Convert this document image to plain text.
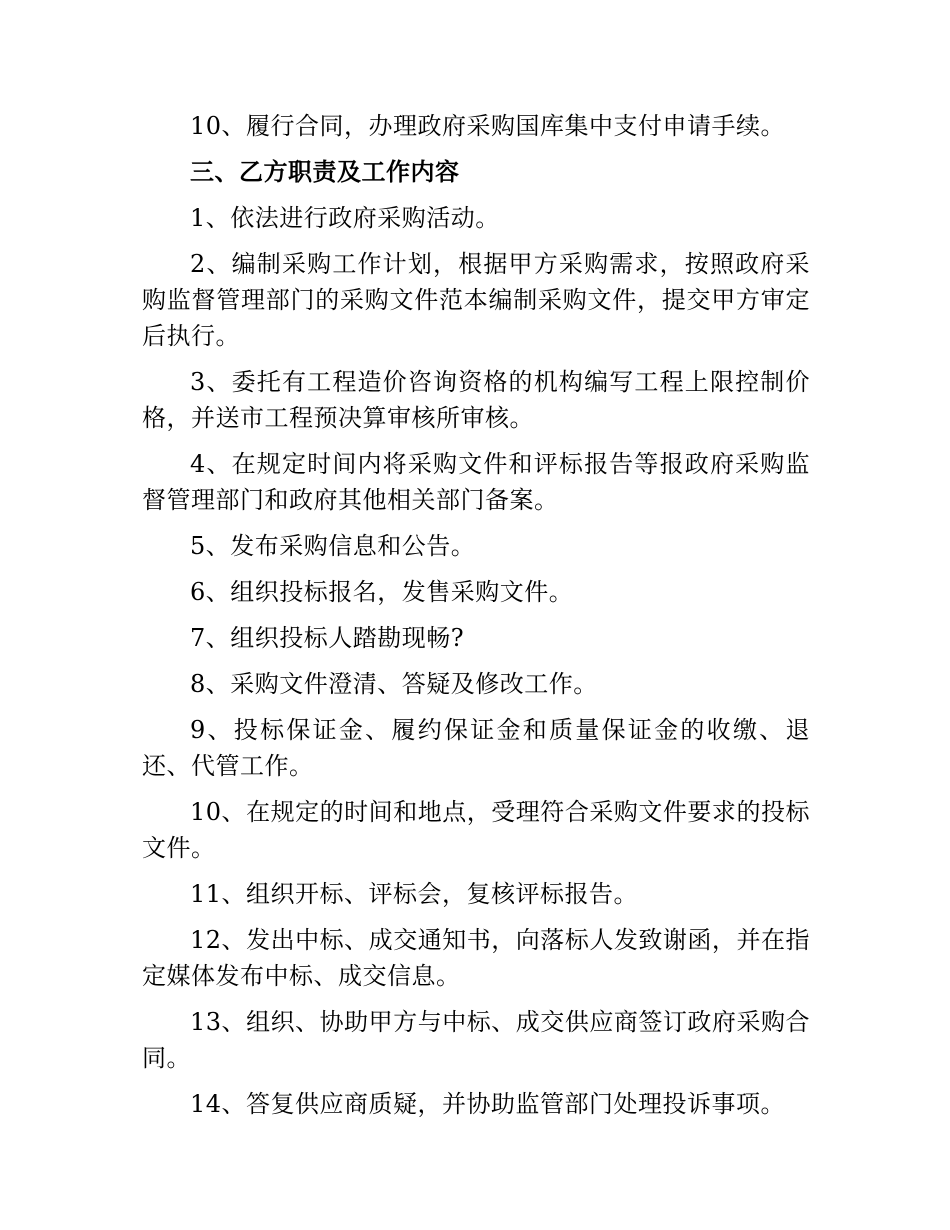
10、履行合同，办理政府采购国库集中支付申请手续。

三、乙方职责及工作内容

1、依法进行政府采购活动。

2、编制采购工作计划，根据甲方采购需求，按照政府采购监督管理部门的采购文件范本编制采购文件，提交甲方审定后执行。

3、委托有工程造价咨询资格的机构编写工程上限控制价格，并送市工程预决算审核所审核。

4、在规定时间内将采购文件和评标报告等报政府采购监督管理部门和政府其他相关部门备案。

5、发布采购信息和公告。

6、组织投标报名，发售采购文件。

7、组织投标人踏勘现畅?

8、采购文件澄清、答疑及修改工作。

9、投标保证金、履约保证金和质量保证金的收缴、退还、代管工作。

10、在规定的时间和地点，受理符合采购文件要求的投标文件。

11、组织开标、评标会，复核评标报告。

12、发出中标、成交通知书，向落标人发致谢函，并在指定媒体发布中标、成交信息。

13、组织、协助甲方与中标、成交供应商签订政府采购合同。

14、答复供应商质疑，并协助监管部门处理投诉事项。
